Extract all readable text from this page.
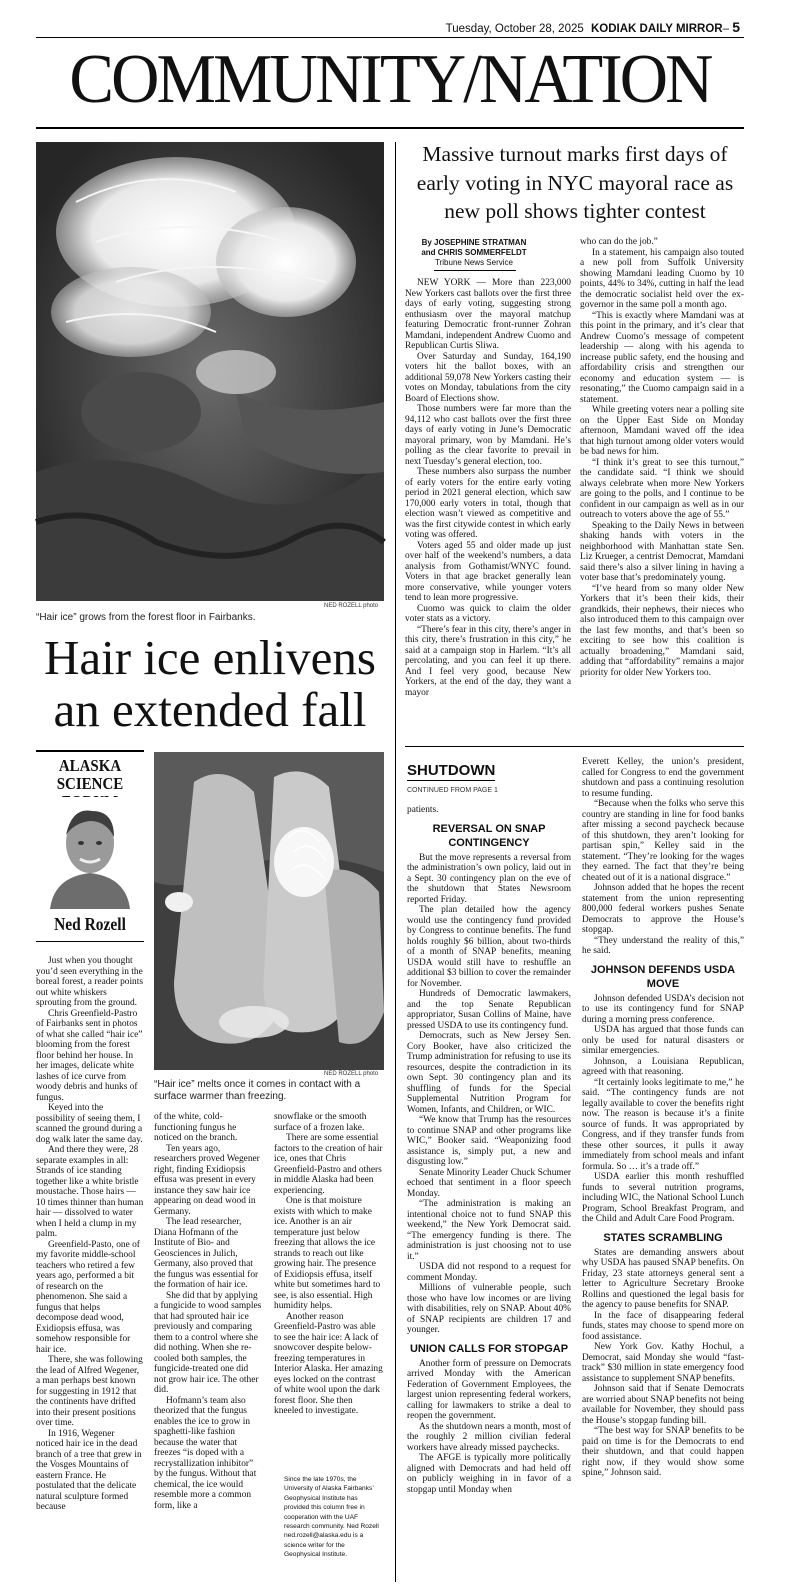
Tuesday, October 28, 2025 KODIAK DAILY MIRROR– 5
COMMUNITY/NATION
NED ROZELL photo
“Hair ice” grows from the forest floor in Fairbanks.
Hair ice enlivens
an extended fall
ALASKA SCIENCE
Ned Rozell
NED ROZELL photo
“Hair ice” melts once it comes in contact with a surface warmer than freezing.

Just when you thought you’d seen everything in the boreal forest, a reader points out white whiskers sprouting from the ground.

Chris Greenfield-Pastro of Fairbanks sent in photos of what she called “hair ice” blooming from the forest floor behind her house. In her images, delicate white lashes of ice curve from woody debris and hunks of fungus.

Keyed into the possibility of seeing them, I scanned the ground during a dog walk later the same day.

And there they were, 28 separate examples in all: Strands of ice standing together like a white bristle moustache. Those hairs — 10 times thinner than human hair — dissolved to water when I held a clump in my palm.

Greenfield-Pasto, one of my favorite middle-school teachers who retired a few years ago, performed a bit of research on the phenomenon. She said a fungus that helps decompose dead wood, Exidiopsis effusa, was somehow responsible for hair ice.

There, she was following the lead of Alfred Wegener, a man perhaps best known for suggesting in 1912 that the continents have drifted into their present positions over time.

In 1916, Wegener noticed hair ice in the dead branch of a tree that grew in the Vosges Mountains of eastern France. He postulated that the delicate natural sculpture formed because

of the white, cold-functioning fungus he noticed on the branch.

Ten years ago, researchers proved Wegener right, finding Exidiopsis effusa was present in every instance they saw hair ice appearing on dead wood in Germany.

The lead researcher, Diana Hofmann of the Institute of Bio- and Geosciences in Julich, Germany, also proved that the fungus was essential for the formation of hair ice.

She did that by applying a fungicide to wood samples that had sprouted hair ice previously and comparing them to a control where she did nothing. When she re-cooled both samples, the fungicide-treated one did not grow hair ice. The other did.

Hofmann’s team also theorized that the fungus enables the ice to grow in spaghetti-like fashion because the water that freezes “is doped with a recrystallization inhibitor” by the fungus. Without that chemical, the ice would resemble more a common form, like a

snowflake or the smooth surface of a frozen lake.

There are some essential factors to the creation of hair ice, ones that Chris Greenfield-Pastro and others in middle Alaska had been experiencing.

One is that moisture exists with which to make ice. Another is an air temperature just below freezing that allows the ice strands to reach out like growing hair. The presence of Exidiopsis effusa, itself white but sometimes hard to see, is also essential. High humidity helps.

Another reason Greenfield-Pastro was able to see the hair ice: A lack of snowcover despite below-freezing temperatures in Interior Alaska. Her amazing eyes locked on the contrast of white wool upon the dark forest floor. She then kneeled to investigate.

Since the late 1970s, the University of Alaska Fairbanks’ Geophysical Institute has provided this column free in cooperation with the UAF research community. Ned Rozell ned.rozell@alaska.edu is a science writer for the Geophysical Institute.
Massive turnout marks first days of early voting in NYC mayoral race as new poll shows tighter contest
By JOSEPHINE STRATMAN
and CHRIS SOMMERFELDT
Tribune News Service

NEW YORK — More than 223,000 New Yorkers cast ballots over the first three days of early voting, suggesting strong enthusiasm over the mayoral matchup featuring Democratic front-runner Zohran Mamdani, independent Andrew Cuomo and Republican Curtis Sliwa.

Over Saturday and Sunday, 164,190 voters hit the ballot boxes, with an additional 59,078 New Yorkers casting their votes on Monday, tabulations from the city Board of Elections show.

Those numbers were far more than the 94,112 who cast ballots over the first three days of early voting in June’s Democratic mayoral primary, won by Mamdani. He’s polling as the clear favorite to prevail in next Tuesday’s general election, too.

These numbers also surpass the number of early voters for the entire early voting period in 2021 general election, which saw 170,000 early voters in total, though that election wasn’t viewed as competitive and was the first citywide contest in which early voting was offered.

Voters aged 55 and older made up just over half of the weekend’s numbers, a data analysis from Gothamist/WNYC found. Voters in that age bracket generally lean more conservative, while younger voters tend to lean more progressive.

Cuomo was quick to claim the older voter stats as a victory.

“There’s fear in this city, there’s anger in this city, there’s frustration in this city,” he said at a campaign stop in Harlem. “It’s all percolating, and you can feel it up there. And I feel very good, because New Yorkers, at the end of the day, they want a mayor

who can do the job.”

In a statement, his campaign also touted a new poll from Suffolk University showing Mamdani leading Cuomo by 10 points, 44% to 34%, cutting in half the lead the democratic socialist held over the ex-governor in the same poll a month ago.

“This is exactly where Mamdani was at this point in the primary, and it’s clear that Andrew Cuomo’s message of competent leadership — along with his agenda to increase public safety, end the housing and affordability crisis and strengthen our economy and education system — is resonating,” the Cuomo campaign said in a statement.

While greeting voters near a polling site on the Upper East Side on Monday afternoon, Mamdani waved off the idea that high turnout among older voters would be bad news for him.

“I think it’s great to see this turnout,” the candidate said. “I think we should always celebrate when more New Yorkers are going to the polls, and I continue to be confident in our campaign as well as in our outreach to voters above the age of 55.”

Speaking to the Daily News in between shaking hands with voters in the neighborhood with Manhattan state Sen. Liz Krueger, a centrist Democrat, Mamdani said there’s also a silver lining in having a voter base that’s predominately young.

“I’ve heard from so many older New Yorkers that it’s been their kids, their grandkids, their nephews, their nieces who also introduced them to this campaign over the last few months, and that’s been so exciting to see how this coalition is actually broadening,” Mamdani said, adding that “affordability” remains a major priority for older New Yorkers too.

SHUTDOWN
CONTINUED FROM PAGE 1

patients.

REVERSAL ON SNAP CONTINGENCY

But the move represents a reversal from the administration’s own policy, laid out in a Sept. 30 contingency plan on the eve of the shutdown that States Newsroom reported Friday.

The plan detailed how the agency would use the contingency fund provided by Congress to continue benefits. The fund holds roughly $6 billion, about two-thirds of a month of SNAP benefits, meaning USDA would still have to reshuffle an additional $3 billion to cover the remainder for November.

Hundreds of Democratic lawmakers, and the top Senate Republican appropriator, Susan Collins of Maine, have pressed USDA to use its contingency fund.

Democrats, such as New Jersey Sen. Cory Booker, have also criticized the Trump administration for refusing to use its resources, despite the contradiction in its own Sept. 30 contingency plan and its shuffling of funds for the Special Supplemental Nutrition Program for Women, Infants, and Children, or WIC.

“We know that Trump has the resources to continue SNAP and other programs like WIC,” Booker said. “Weaponizing food assistance is, simply put, a new and disgusting low.”

Senate Minority Leader Chuck Schumer echoed that sentiment in a floor speech Monday.

“The administration is making an intentional choice not to fund SNAP this weekend,” the New York Democrat said. “The emergency funding is there. The administration is just choosing not to use it.”

USDA did not respond to a request for comment Monday.

Millions of vulnerable people, such those who have low incomes or are living with disabilities, rely on SNAP. About 40% of SNAP recipients are children 17 and younger.

UNION CALLS FOR STOPGAP

Another form of pressure on Democrats arrived Monday with the American Federation of Government Employees, the largest union representing federal workers, calling for lawmakers to strike a deal to reopen the government.

As the shutdown nears a month, most of the roughly 2 million civilian federal workers have already missed paychecks.

The AFGE is typically more politically aligned with Democrats and had held off on publicly weighing in in favor of a stopgap until Monday when

Everett Kelley, the union’s president, called for Congress to end the government shutdown and pass a continuing resolution to resume funding.

“Because when the folks who serve this country are standing in line for food banks after missing a second paycheck because of this shutdown, they aren’t looking for partisan spin,” Kelley said in the statement. “They’re looking for the wages they earned. The fact that they’re being cheated out of it is a national disgrace.”

Johnson added that he hopes the recent statement from the union representing 800,000 federal workers pushes Senate Democrats to approve the House’s stopgap.

“They understand the reality of this,” he said.

JOHNSON DEFENDS USDA MOVE

Johnson defended USDA’s decision not to use its contingency fund for SNAP during a morning press conference.

USDA has argued that those funds can only be used for natural disasters or similar emergencies.

Johnson, a Louisiana Republican, agreed with that reasoning.

“It certainly looks legitimate to me,” he said. “The contingency funds are not legally available to cover the benefits right now. The reason is because it’s a finite source of funds. It was appropriated by Congress, and if they transfer funds from these other sources, it pulls it away immediately from school meals and infant formula. So … it’s a trade off.”

USDA earlier this month reshuffled funds to several nutrition programs, including WIC, the National School Lunch Program, School Breakfast Program, and the Child and Adult Care Food Program.

STATES SCRAMBLING

States are demanding answers about why USDA has paused SNAP benefits. On Friday, 23 state attorneys general sent a letter to Agriculture Secretary Brooke Rollins and questioned the legal basis for the agency to pause benefits for SNAP.

In the face of disappearing federal funds, states may choose to spend more on food assistance.

New York Gov. Kathy Hochul, a Democrat, said Monday she would “fast-track” $30 million in state emergency food assistance to supplement SNAP benefits.

Johnson said that if Senate Democrats are worried about SNAP benefits not being available for November, they should pass the House’s stopgap funding bill.

“The best way for SNAP benefits to be paid on time is for the Democrats to end their shutdown, and that could happen right now, if they would show some spine,” Johnson said.
